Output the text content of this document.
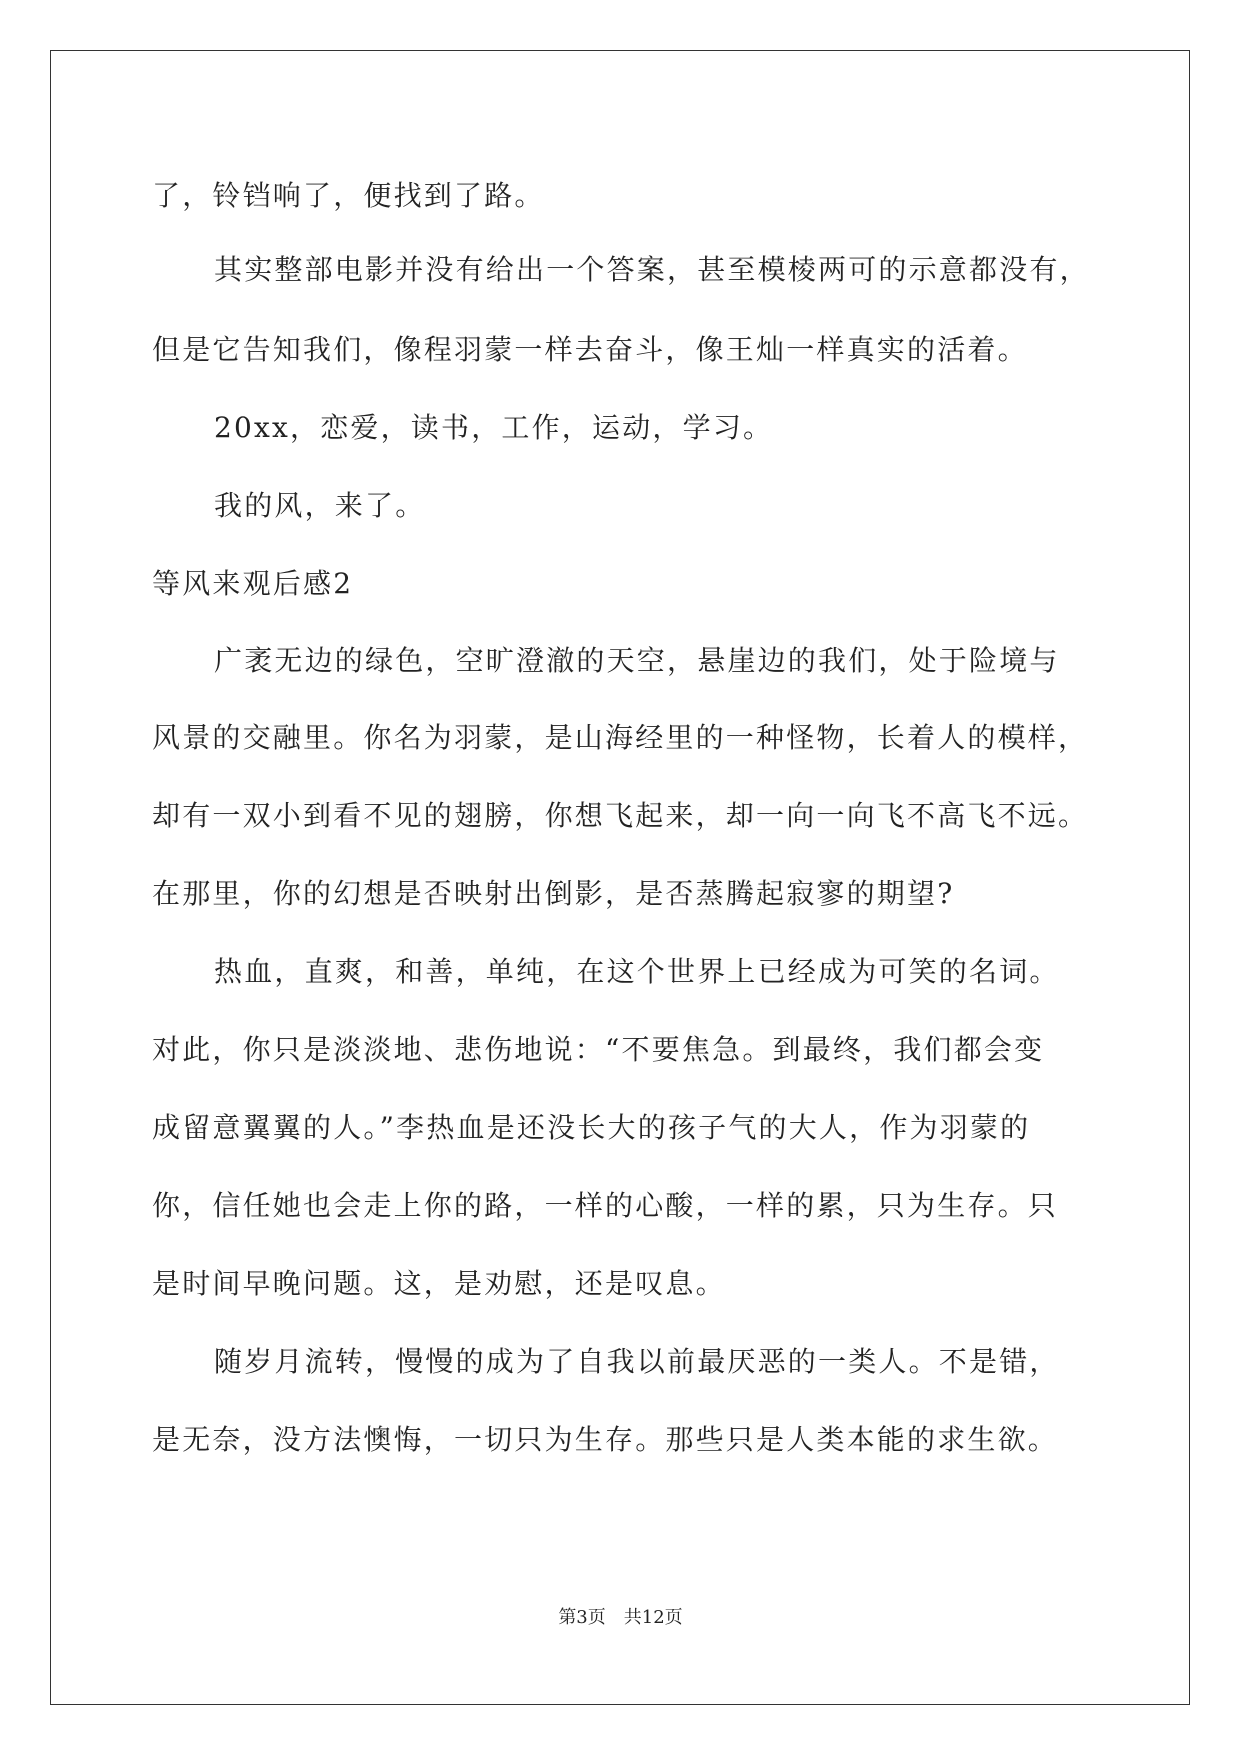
了，铃铛响了，便找到了路。
其实整部电影并没有给出一个答案，甚至模棱两可的示意都没有，
但是它告知我们，像程羽蒙一样去奋斗，像王灿一样真实的活着。
20xx，恋爱，读书，工作，运动，学习。
我的风，来了。
等风来观后感2
广袤无边的绿色，空旷澄澈的天空，悬崖边的我们，处于险境与
风景的交融里。你名为羽蒙，是山海经里的一种怪物，长着人的模样，
却有一双小到看不见的翅膀，你想飞起来，却一向一向飞不高飞不远。
在那里，你的幻想是否映射出倒影，是否蒸腾起寂寥的期望?
热血，直爽，和善，单纯，在这个世界上已经成为可笑的名词。
对此，你只是淡淡地、悲伤地说：“不要焦急。到最终，我们都会变
成留意翼翼的人。”李热血是还没长大的孩子气的大人，作为羽蒙的
你，信任她也会走上你的路，一样的心酸，一样的累，只为生存。只
是时间早晚问题。这，是劝慰，还是叹息。
随岁月流转，慢慢的成为了自我以前最厌恶的一类人。不是错，
是无奈，没方法懊悔，一切只为生存。那些只是人类本能的求生欲。
第3页 共12页
